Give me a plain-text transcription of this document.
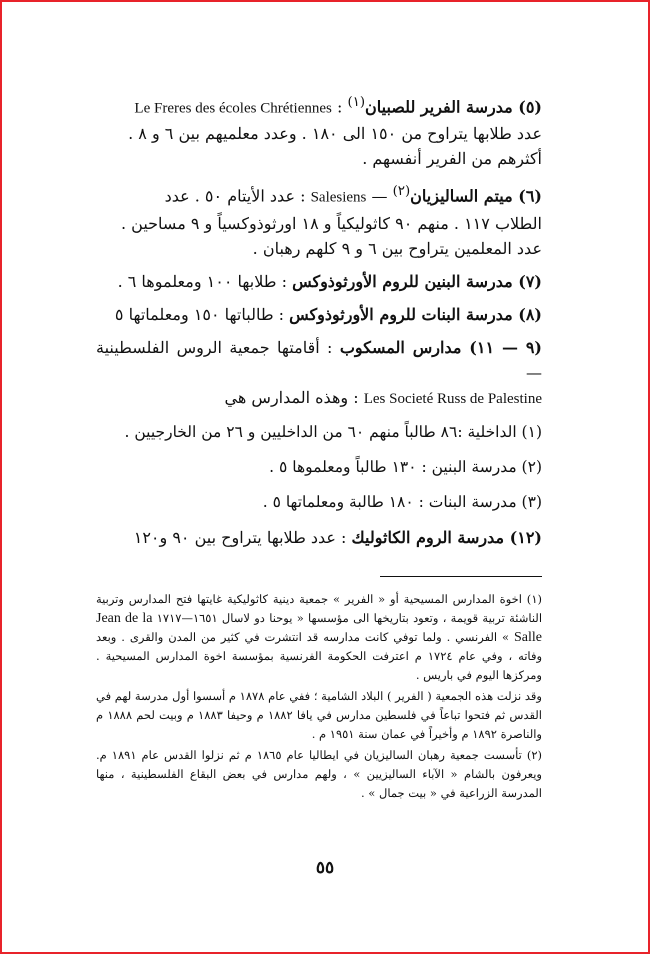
(٥) مدرسة الفرير للصبيان$^{(١)}$ : Le Freres des écoles Chrétiennes
عدد طلابها يتراوح من ١٥٠ الى ١٨٠ . وعدد معلميهم بين ٦ و ٨ .
أكثرهم من الفرير أنفسهم .

(٦) ميتم الساليزيان$^{(٢)}$ — Salesiens : عدد الأيتام ٥٠ . عدد
الطلاب ١١٧ . منهم ٩٠ كاثوليكياً و ١٨ اورثوذوكسياً و ٩ مساحين .
عدد المعلمين يتراوح بين ٦ و ٩ كلهم رهبان .

(٧) مدرسة البنين للروم الأورثوذوكس : طلابها ١٠٠ ومعلموها ٦ .

(٨) مدرسة البنات للروم الأورثوذوكس : طالباتها ١٥٠ ومعلماتها ٥

(٩ — ١١) مدارس المسكوب : أقامتها جمعية الروس الفلسطينية —
Les Societé Russ de Palestine : وهذه المدارس هي

(١) الداخلية :٨٦ طالباً منهم ٦٠ من الداخليين و ٢٦ من الخارجيين .
(٢) مدرسة البنين : ١٣٠ طالباً ومعلموها ٥ .
(٣) مدرسة البنات : ١٨٠ طالبة ومعلماتها ٥ .

(١٢) مدرسة الروم الكاثوليك : عدد طلابها يتراوح بين ٩٠ و١٢٠

(١) اخوة المدارس المسيحية أو « الفرير » جمعية دينية كاثوليكية غايتها فتح المدارس وتربية الناشئة تربية قويمة ، وتعود بتاريخها الى مؤسسها « يوحنا دو لاسال ١٦٥١—١٧١٧ Jean de la Salle » الفرنسي . ولما توفي كانت مدارسه قد انتشرت في كثير من المدن والقرى . وبعد وفاته ، وفي عام ١٧٢٤ م اعترفت الحكومة الفرنسية بمؤسسة اخوة المدارس المسيحية . ومركزها اليوم في باريس .

وقد نزلت هذه الجمعية ( الفرير ) البلاد الشامية ؛ ففي عام ١٨٧٨ م أسسوا أول مدرسة لهم في القدس ثم فتحوا تباعاً في فلسطين مدارس في يافا ١٨٨٢ م وحيفا ١٨٨٣ م وبيت لحم ١٨٨٨ م والناصرة ١٨٩٢ م وأخيراً في عمان سنة ١٩٥١ م .

(٢) تأسست جمعية رهبان الساليزيان في ايطاليا عام ١٨٦٥ م ثم نزلوا القدس عام ١٨٩١ م. ويعرفون بالشام « الآباء الساليزيين » ، ولهم مدارس في بعض البقاع الفلسطينية ، منها المدرسة الزراعية في « بيت جمال » .

٥٥
